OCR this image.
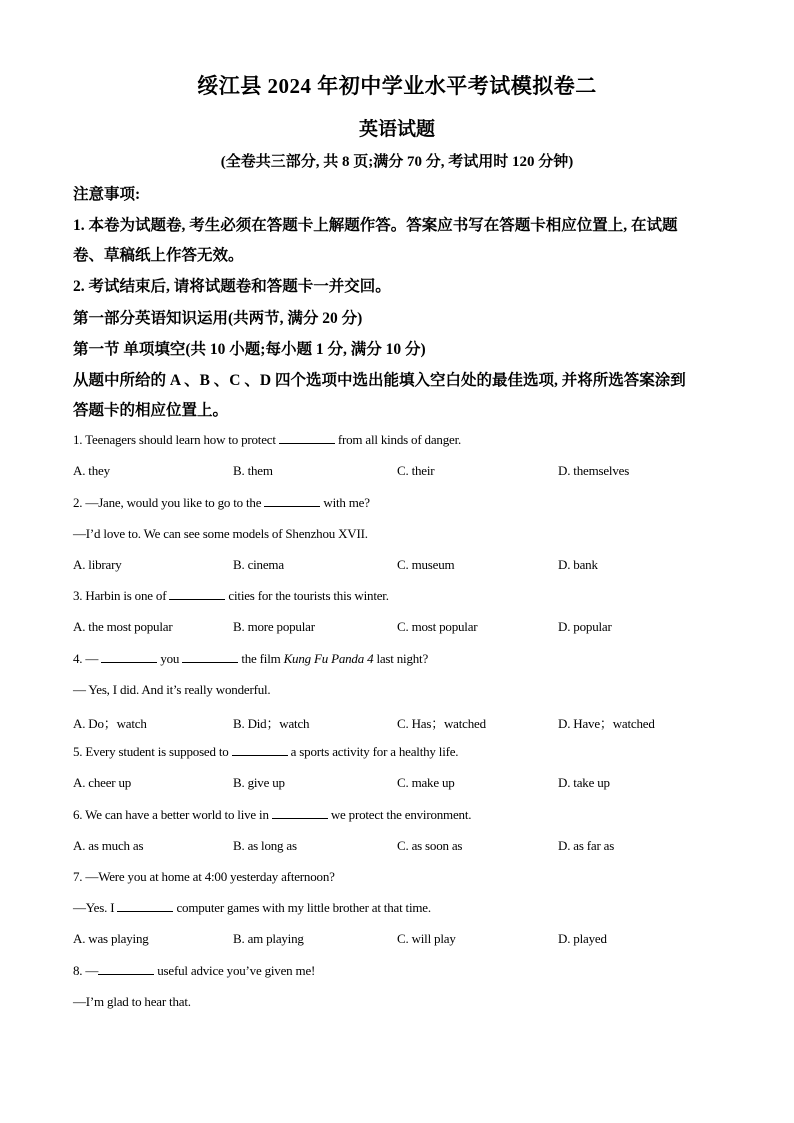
绥江县 2024 年初中学业水平考试模拟卷二
英语试题
(全卷共三部分, 共 8 页;满分 70 分, 考试用时 120 分钟)
注意事项:
1. 本卷为试题卷, 考生必须在答题卡上解题作答。答案应书写在答题卡相应位置上, 在试题
卷、草稿纸上作答无效。
2. 考试结束后, 请将试题卷和答题卡一并交回。
第一部分英语知识运用(共两节, 满分 20 分)
第一节 单项填空(共 10 小题;每小题 1 分, 满分 10 分)
从题中所给的 A 、B 、C 、D 四个选项中选出能填入空白处的最佳选项, 并将所选答案涂到
答题卡的相应位置上。
1. Teenagers should learn how to protect	from all kinds of danger.
A. they	B. them	C. their	D. themselves
2. —Jane, would you like to go to the	with me?
—I’d love to. We can see some models of Shenzhou XVII.
A. library	B. cinema	C. museum	D. bank
3. Harbin is one of	cities for the tourists this winter.
A. the most popular	B. more popular	C. most popular	D. popular
4. —	you	the film Kung Fu Panda 4 last night?
— Yes, I did. And it’s really wonderful.
A. Do；watch	B. Did；watch	C. Has；watched	D. Have；watched
5. Every student is supposed to	a sports activity for a healthy life.
A. cheer up	B. give up	C. make up	D. take up
6. We can have a better world to live in	we protect the environment.
A. as much as	B. as long as	C. as soon as	D. as far as
7. —Were you at home at 4:00 yesterday afternoon?
—Yes. I	computer games with my little brother at that time.
A. was playing	B. am playing	C. will play	D. played
8. —	useful advice you’ve given me!
—I’m glad to hear that.
